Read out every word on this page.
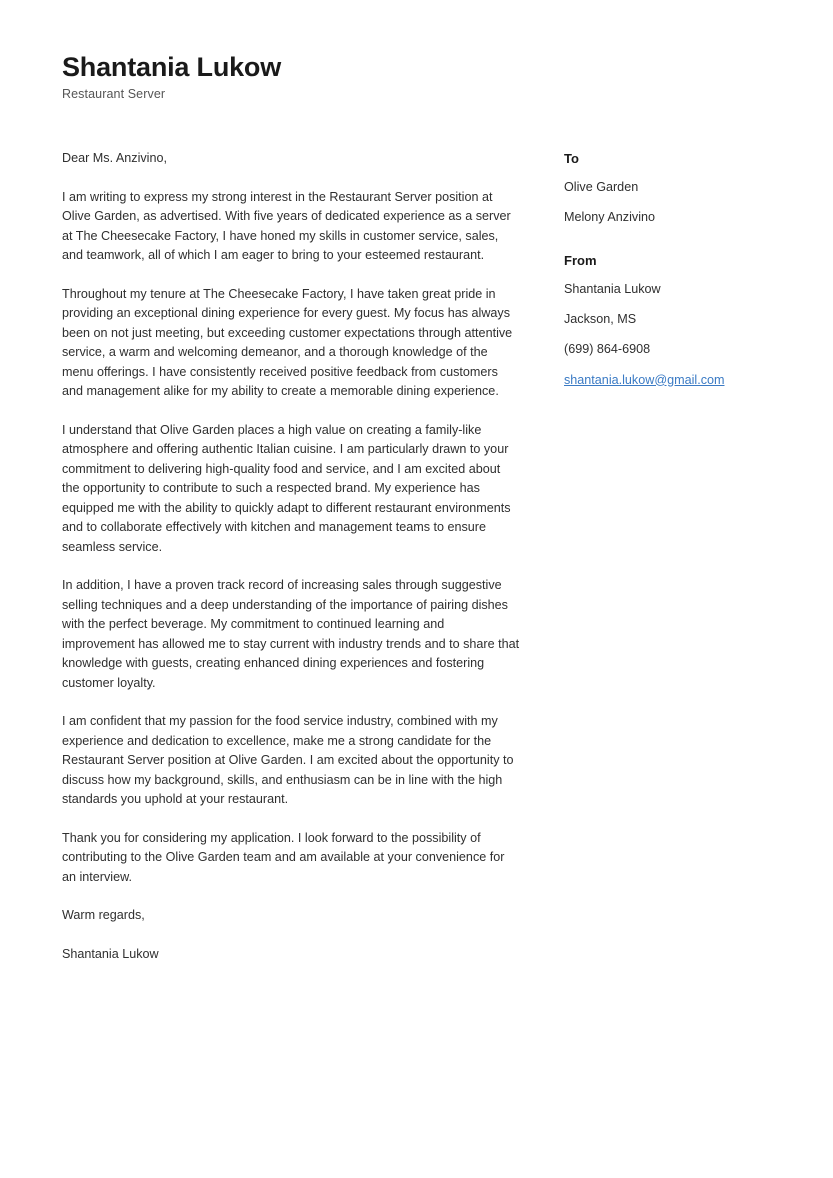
Shantania Lukow

Restaurant Server

Dear Ms. Anzivino,

I am writing to express my strong interest in the Restaurant Server position at Olive Garden, as advertised. With five years of dedicated experience as a server at The Cheesecake Factory, I have honed my skills in customer service, sales, and teamwork, all of which I am eager to bring to your esteemed restaurant.

Throughout my tenure at The Cheesecake Factory, I have taken great pride in providing an exceptional dining experience for every guest. My focus has always been on not just meeting, but exceeding customer expectations through attentive service, a warm and welcoming demeanor, and a thorough knowledge of the menu offerings. I have consistently received positive feedback from customers and management alike for my ability to create a memorable dining experience.

I understand that Olive Garden places a high value on creating a family-like atmosphere and offering authentic Italian cuisine. I am particularly drawn to your commitment to delivering high-quality food and service, and I am excited about the opportunity to contribute to such a respected brand. My experience has equipped me with the ability to quickly adapt to different restaurant environments and to collaborate effectively with kitchen and management teams to ensure seamless service.

In addition, I have a proven track record of increasing sales through suggestive selling techniques and a deep understanding of the importance of pairing dishes with the perfect beverage. My commitment to continued learning and improvement has allowed me to stay current with industry trends and to share that knowledge with guests, creating enhanced dining experiences and fostering customer loyalty.

I am confident that my passion for the food service industry, combined with my experience and dedication to excellence, make me a strong candidate for the Restaurant Server position at Olive Garden. I am excited about the opportunity to discuss how my background, skills, and enthusiasm can be in line with the high standards you uphold at your restaurant.

Thank you for considering my application. I look forward to the possibility of contributing to the Olive Garden team and am available at your convenience for an interview.

Warm regards,

Shantania Lukow

To
Olive Garden
Melony Anzivino
From
Shantania Lukow
Jackson, MS
(699) 864-6908
shantania.lukow@gmail.com
